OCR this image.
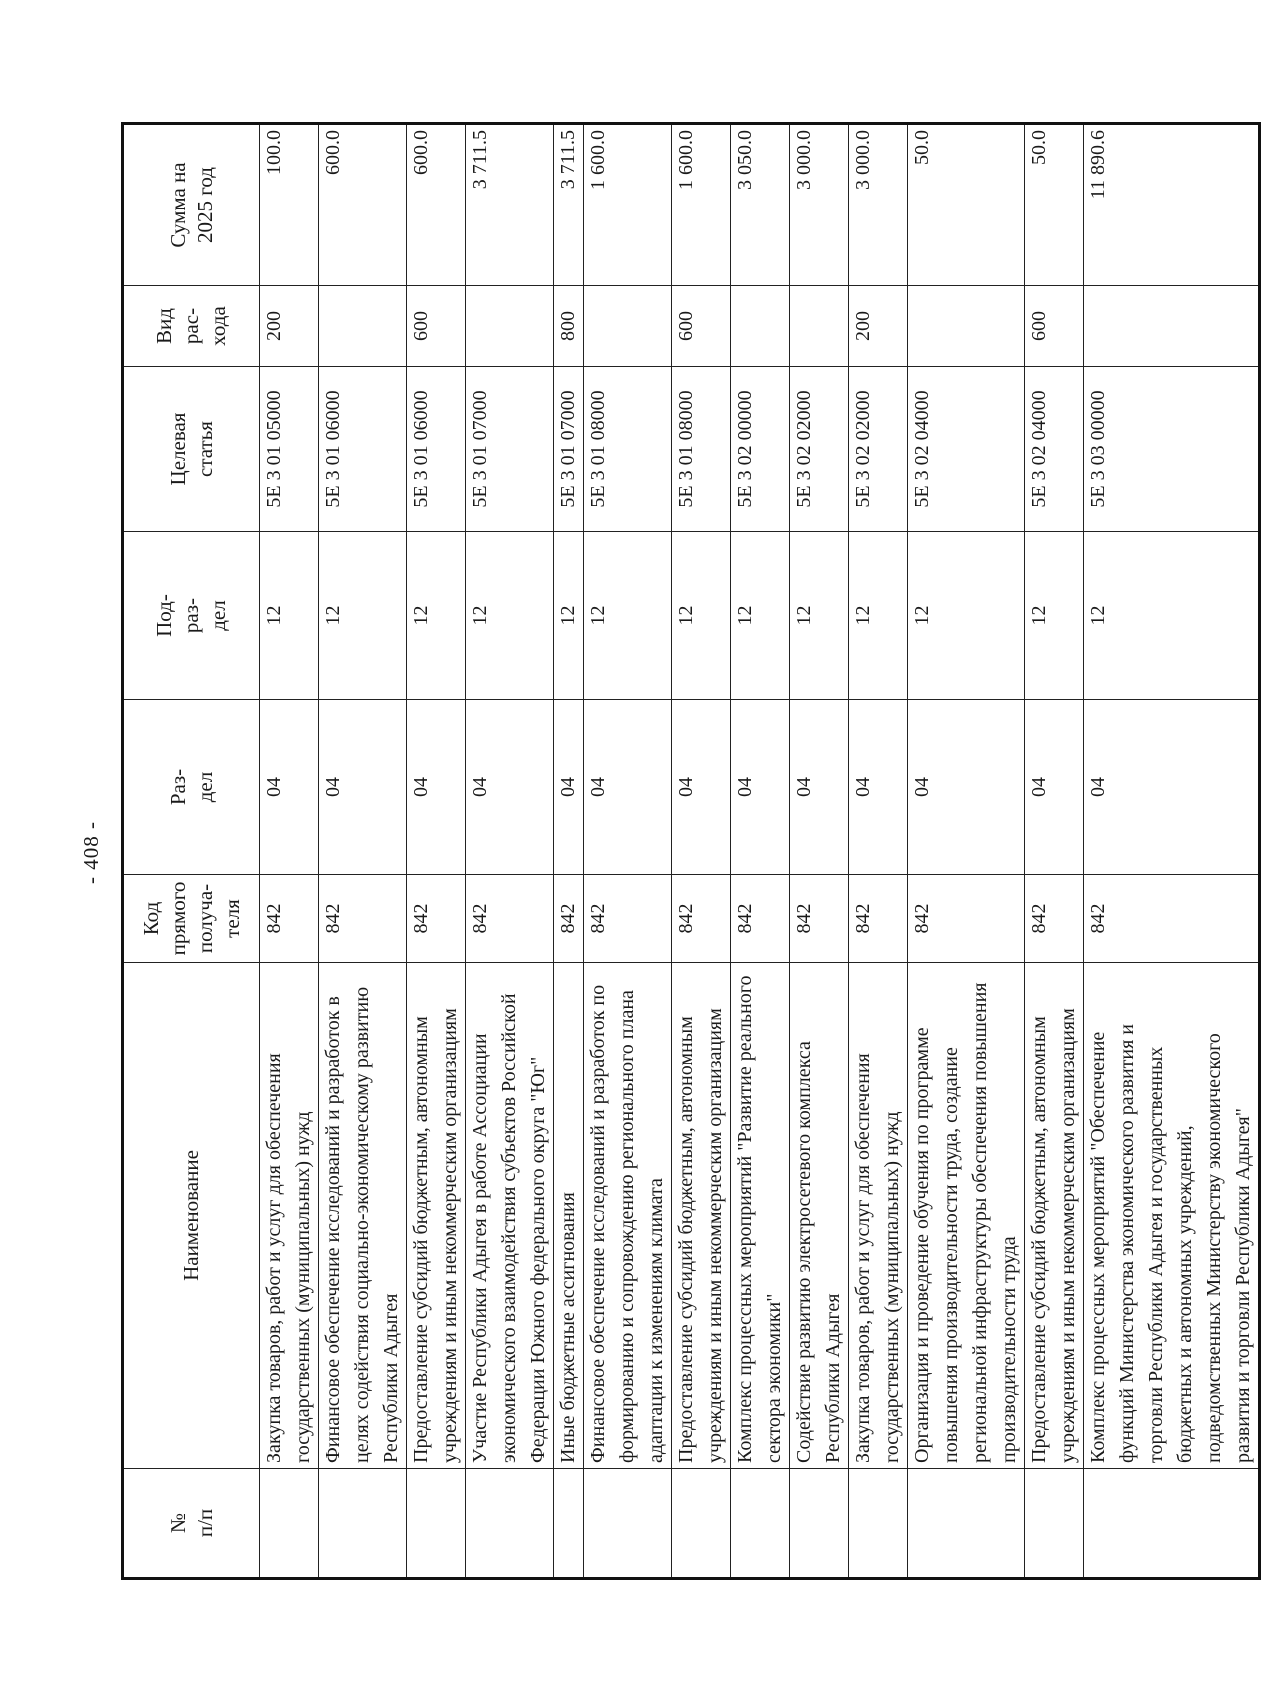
- 408 -
№
п/п	Наименование	Код
прямого
получа-
теля	Раз-
дел	Под-
раз-
дел	Целевая
статья	Вид
рас-
хода	Сумма на
2025 год
	Закупка товаров, работ и услуг для обеспечения государственных (муниципальных) нужд	842	04	12	5Е 3 01 05000	200	100.0
	Финансовое обеспечение исследований и разработок в целях содействия социально-экономическому развитию Республики Адыгея	842	04	12	5Е 3 01 06000		600.0
	Предоставление субсидий бюджетным, автономным учреждениям и иным некоммерческим организациям	842	04	12	5Е 3 01 06000	600	600.0
	Участие Республики Адыгея в работе Ассоциации экономического взаимодействия субъектов Российской Федерации Южного федерального округа "Юг"	842	04	12	5Е 3 01 07000		3 711.5
	Иные бюджетные ассигнования	842	04	12	5Е 3 01 07000	800	3 711.5
	Финансовое обеспечение исследований и разработок по формированию и сопровождению регионального плана адаптации к изменениям климата	842	04	12	5Е 3 01 08000		1 600.0
	Предоставление субсидий бюджетным, автономным учреждениям и иным некоммерческим организациям	842	04	12	5Е 3 01 08000	600	1 600.0
	Комплекс процессных мероприятий "Развитие реального сектора экономики"	842	04	12	5Е 3 02 00000		3 050.0
	Содействие развитию электросетевого комплекса Республики Адыгея	842	04	12	5Е 3 02 02000		3 000.0
	Закупка товаров, работ и услуг для обеспечения государственных (муниципальных) нужд	842	04	12	5Е 3 02 02000	200	3 000.0
	Организация и проведение обучения по программе повышения производительности труда, создание региональной инфраструктуры обеспечения повышения производительности труда	842	04	12	5Е 3 02 04000		50.0
	Предоставление субсидий бюджетным, автономным учреждениям и иным некоммерческим организациям	842	04	12	5Е 3 02 04000	600	50.0
	Комплекс процессных мероприятий "Обеспечение функций Министерства экономического развития и торговли Республики Адыгея и государственных бюджетных и автономных учреждений, подведомственных Министерству экономического развития и торговли Республики Адыгея"	842	04	12	5Е 3 03 00000		11 890.6
